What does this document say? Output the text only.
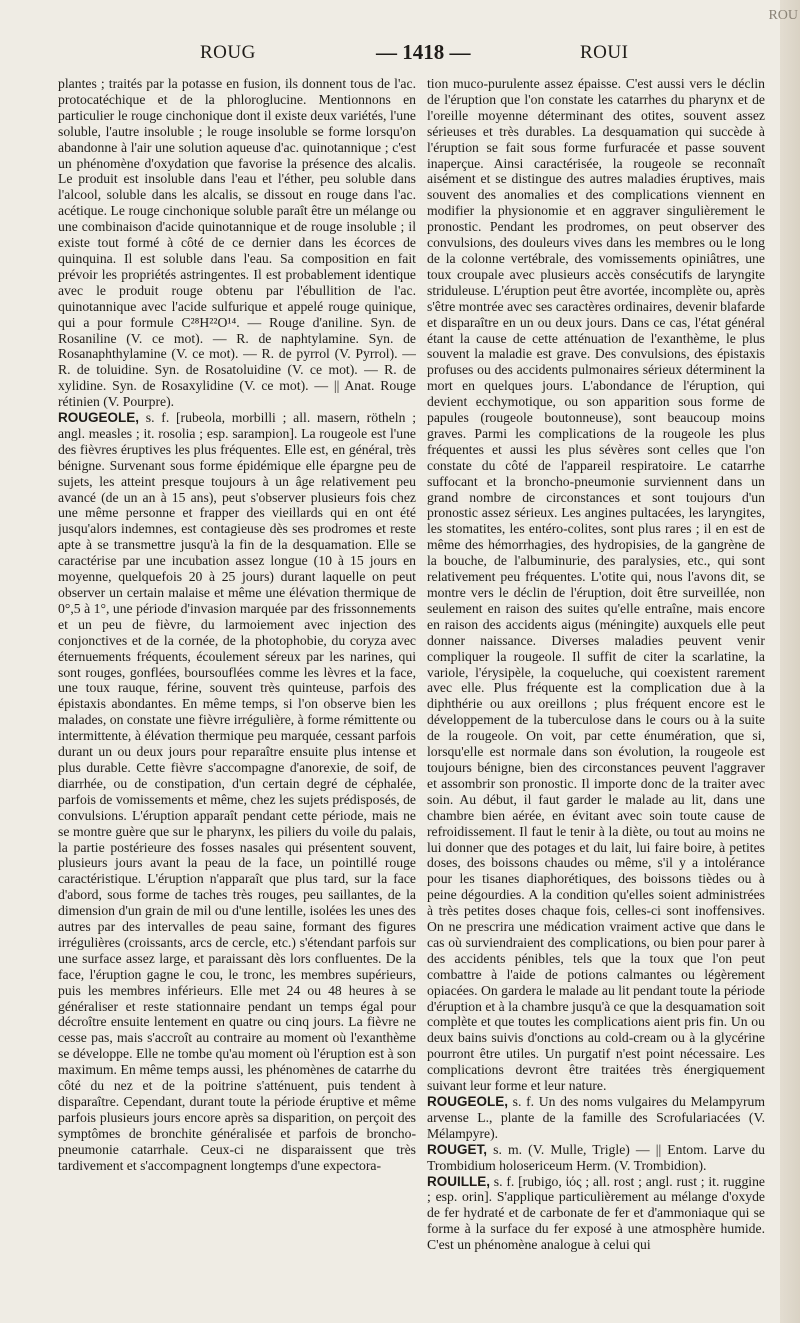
ROUG	— 1418 —	ROUI

plantes ; traités par la potasse en fusion, ils donnent tous de l'ac. protocatéchique et de la phloroglucine. Mentionnons en particulier le rouge cinchonique dont il existe deux variétés, l'une soluble, l'autre insoluble ; le rouge insoluble se forme lorsqu'on abandonne à l'air une solution aqueuse d'ac. quinotannique ; c'est un phénomène d'oxydation que favorise la présence des alcalis. Le produit est insoluble dans l'eau et l'éther, peu soluble dans l'alcool, soluble dans les alcalis, se dissout en rouge dans l'ac. acétique. Le rouge cinchonique soluble paraît être un mélange ou une combinaison d'acide quinotannique et de rouge insoluble ; il existe tout formé à côté de ce dernier dans les écorces de quinquina. Il est soluble dans l'eau. Sa composition en fait prévoir les propriétés astringentes. Il est probablement identique avec le produit rouge obtenu par l'ébullition de l'ac. quinotannique avec l'acide sulfurique et appelé rouge quinique, qui a pour formule C²⁸H²²O¹⁴. — Rouge d'aniline. Syn. de Rosaniline (V. ce mot). — R. de naphtylamine. Syn. de Rosanaphthylamine (V. ce mot). — R. de pyrrol (V. Pyrrol). — R. de toluidine. Syn. de Rosatoluidine (V. ce mot). — R. de xylidine. Syn. de Rosaxylidine (V. ce mot). — || Anat. Rouge rétinien (V. Pourpre).

ROUGEOLE, s. f. [rubeola, morbilli ; all. masern, rötheln ; angl. measles ; it. rosolia ; esp. sarampion]. La rougeole est l'une des fièvres éruptives les plus fréquentes. Elle est, en général, très bénigne. Survenant sous forme épidémique elle épargne peu de sujets, les atteint presque toujours à un âge relativement peu avancé (de un an à 15 ans), peut s'observer plusieurs fois chez une même personne et frapper des vieillards qui en ont été jusqu'alors indemnes, est contagieuse dès ses prodromes et reste apte à se transmettre jusqu'à la fin de la desquamation. Elle se caractérise par une incubation assez longue (10 à 15 jours en moyenne, quelquefois 20 à 25 jours) durant laquelle on peut observer un certain malaise et même une élévation thermique de 0°,5 à 1°, une période d'invasion marquée par des frissonnements et un peu de fièvre, du larmoiement avec injection des conjonctives et de la cornée, de la photophobie, du coryza avec éternuements fréquents, écoulement séreux par les narines, qui sont rouges, gonflées, boursouflées comme les lèvres et la face, une toux rauque, férine, souvent très quinteuse, parfois des épistaxis abondantes. En même temps, si l'on observe bien les malades, on constate une fièvre irrégulière, à forme rémittente ou intermittente, à élévation thermique peu marquée, cessant parfois durant un ou deux jours pour reparaître ensuite plus intense et plus durable. Cette fièvre s'accompagne d'anorexie, de soif, de diarrhée, ou de constipation, d'un certain degré de céphalée, parfois de vomissements et même, chez les sujets prédisposés, de convulsions. L'éruption apparaît pendant cette période, mais ne se montre guère que sur le pharynx, les piliers du voile du palais, la partie postérieure des fosses nasales qui présentent souvent, plusieurs jours avant la peau de la face, un pointillé rouge caractéristique. L'éruption n'apparaît que plus tard, sur la face d'abord, sous forme de taches très rouges, peu saillantes, de la dimension d'un grain de mil ou d'une lentille, isolées les unes des autres par des intervalles de peau saine, formant des figures irrégulières (croissants, arcs de cercle, etc.) s'étendant parfois sur une surface assez large, et paraissant dès lors confluentes. De la face, l'éruption gagne le cou, le tronc, les membres supérieurs, puis les membres inférieurs. Elle met 24 ou 48 heures à se généraliser et reste stationnaire pendant un temps égal pour décroître ensuite lentement en quatre ou cinq jours. La fièvre ne cesse pas, mais s'accroît au contraire au moment où l'exanthème se développe. Elle ne tombe qu'au moment où l'éruption est à son maximum. En même temps aussi, les phénomènes de catarrhe du côté du nez et de la poitrine s'atténuent, puis tendent à disparaître. Cependant, durant toute la période éruptive et même parfois plusieurs jours encore après sa disparition, on perçoit des symptômes de bronchite généralisée et parfois de broncho-pneumonie catarrhale. Ceux-ci ne disparaissent que très tardivement et s'accompagnent longtemps d'une expectora-

tion muco-purulente assez épaisse. C'est aussi vers le déclin de l'éruption que l'on constate les catarrhes du pharynx et de l'oreille moyenne déterminant des otites, souvent assez sérieuses et très durables. La desquamation qui succède à l'éruption se fait sous forme furfuracée et passe souvent inaperçue. Ainsi caractérisée, la rougeole se reconnaît aisément et se distingue des autres maladies éruptives, mais souvent des anomalies et des complications viennent en modifier la physionomie et en aggraver singulièrement le pronostic. Pendant les prodromes, on peut observer des convulsions, des douleurs vives dans les membres ou le long de la colonne vertébrale, des vomissements opiniâtres, une toux croupale avec plusieurs accès consécutifs de laryngite striduleuse. L'éruption peut être avortée, incomplète ou, après s'être montrée avec ses caractères ordinaires, devenir blafarde et disparaître en un ou deux jours. Dans ce cas, l'état général étant la cause de cette atténuation de l'exanthème, le plus souvent la maladie est grave. Des convulsions, des épistaxis profuses ou des accidents pulmonaires sérieux déterminent la mort en quelques jours. L'abondance de l'éruption, qui devient ecchymotique, ou son apparition sous forme de papules (rougeole boutonneuse), sont beaucoup moins graves. Parmi les complications de la rougeole les plus fréquentes et aussi les plus sévères sont celles que l'on constate du côté de l'appareil respiratoire. Le catarrhe suffocant et la broncho-pneumonie surviennent dans un grand nombre de circonstances et sont toujours d'un pronostic assez sérieux. Les angines pultacées, les laryngites, les stomatites, les entéro-colites, sont plus rares ; il en est de même des hémorrhagies, des hydropisies, de la gangrène de la bouche, de l'albuminurie, des paralysies, etc., qui sont relativement peu fréquentes. L'otite qui, nous l'avons dit, se montre vers le déclin de l'éruption, doit être surveillée, non seulement en raison des suites qu'elle entraîne, mais encore en raison des accidents aigus (méningite) auxquels elle peut donner naissance. Diverses maladies peuvent venir compliquer la rougeole. Il suffit de citer la scarlatine, la variole, l'érysipèle, la coqueluche, qui coexistent rarement avec elle. Plus fréquente est la complication due à la diphthérie ou aux oreillons ; plus fréquent encore est le développement de la tuberculose dans le cours ou à la suite de la rougeole. On voit, par cette énumération, que si, lorsqu'elle est normale dans son évolution, la rougeole est toujours bénigne, bien des circonstances peuvent l'aggraver et assombrir son pronostic. Il importe donc de la traiter avec soin. Au début, il faut garder le malade au lit, dans une chambre bien aérée, en évitant avec soin toute cause de refroidissement. Il faut le tenir à la diète, ou tout au moins ne lui donner que des potages et du lait, lui faire boire, à petites doses, des boissons chaudes ou même, s'il y a intolérance pour les tisanes diaphorétiques, des boissons tièdes ou à peine dégourdies. A la condition qu'elles soient administrées à très petites doses chaque fois, celles-ci sont inoffensives. On ne prescrira une médication vraiment active que dans le cas où surviendraient des complications, ou bien pour parer à des accidents pénibles, tels que la toux que l'on peut combattre à l'aide de potions calmantes ou légèrement opiacées. On gardera le malade au lit pendant toute la période d'éruption et à la chambre jusqu'à ce que la desquamation soit complète et que toutes les complications aient pris fin. Un ou deux bains suivis d'onctions au cold-cream ou à la glycérine pourront être utiles. Un purgatif n'est point nécessaire. Les complications devront être traitées très énergiquement suivant leur forme et leur nature.

ROUGEOLE, s. f. Un des noms vulgaires du Melampyrum arvense L., plante de la famille des Scrofulariacées (V. Mélampyre).

ROUGET, s. m. (V. Mulle, Trigle) — || Entom. Larve du Trombidium holosericeum Herm. (V. Trombidion).

ROUILLE, s. f. [rubigo, ἰός ; all. rost ; angl. rust ; it. ruggine ; esp. orin]. S'applique particulièrement au mélange d'oxyde de fer hydraté et de carbonate de fer et d'ammoniaque qui se forme à la surface du fer exposé à une atmosphère humide. C'est un phénomène analogue à celui qui

ROU
